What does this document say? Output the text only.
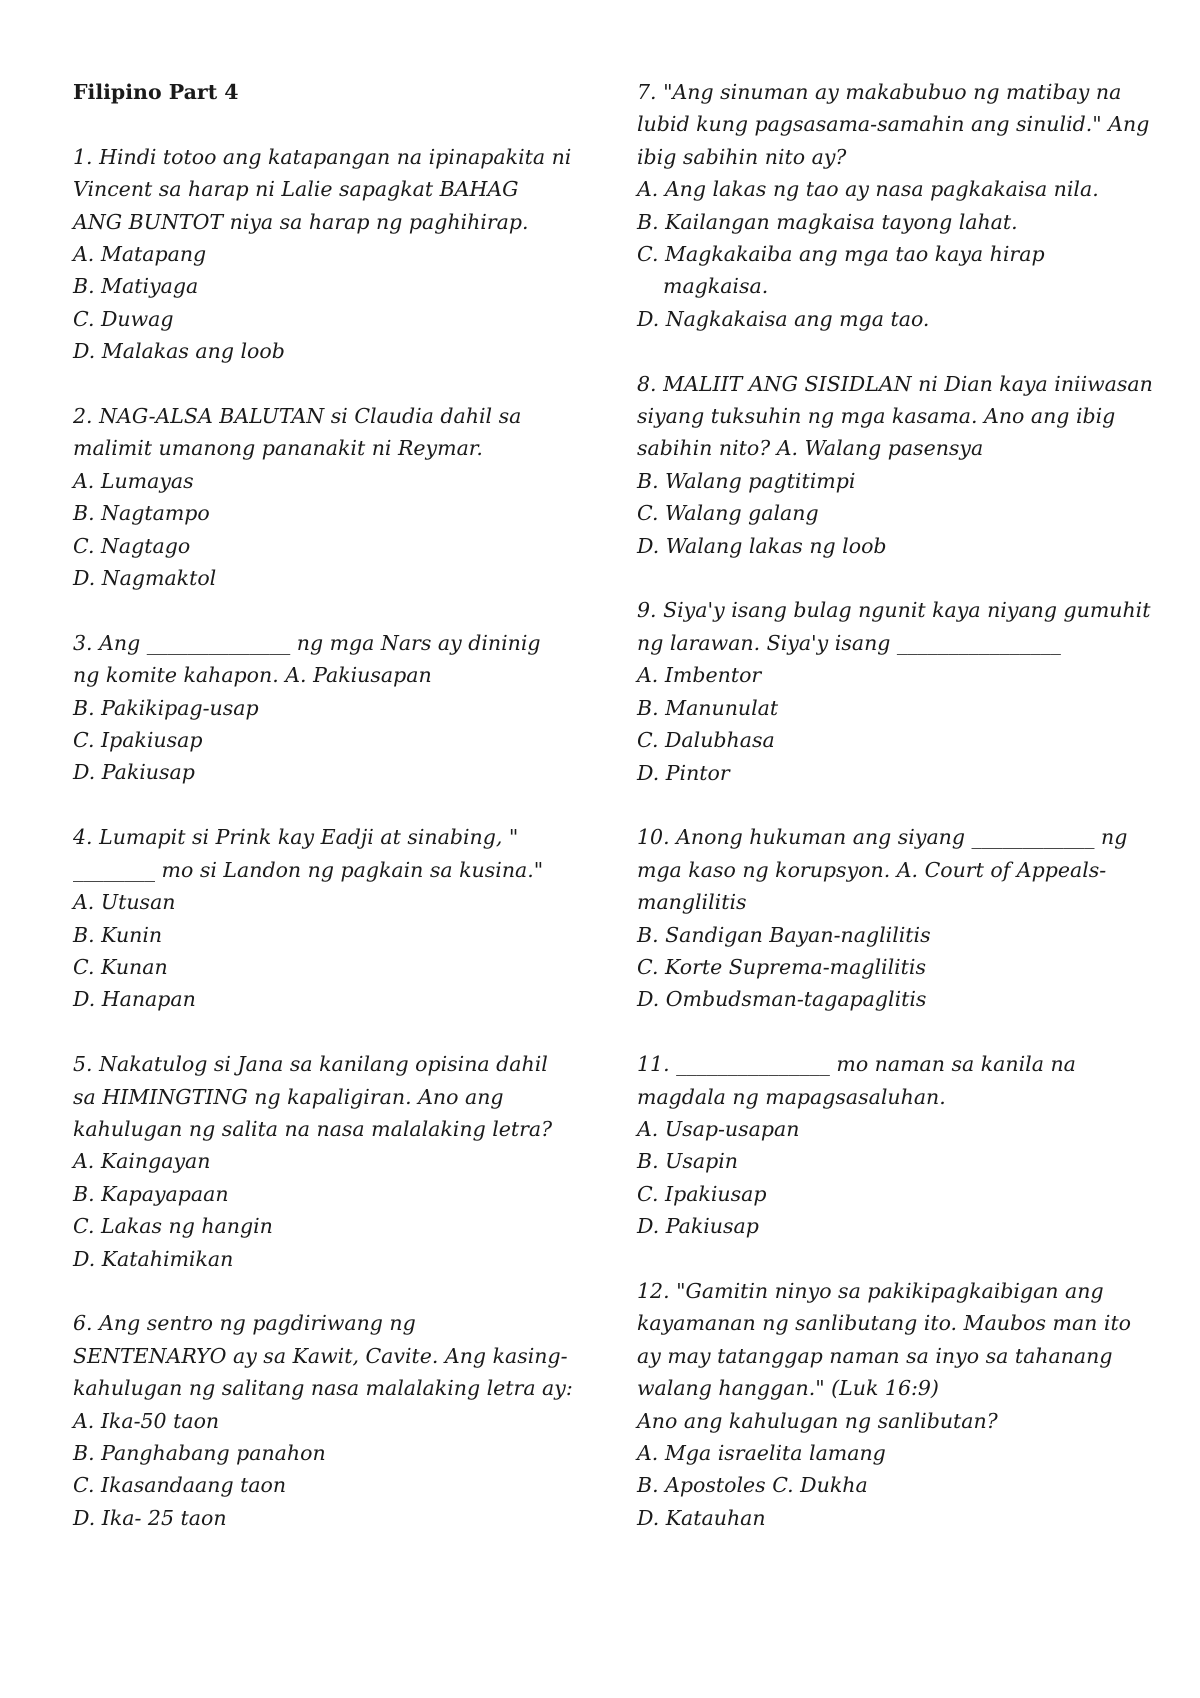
Filipino Part 4
1. Hindi totoo ang katapangan na ipinapakita ni Vincent sa harap ni Lalie sapagkat BAHAG ANG BUNTOT niya sa harap ng paghihirap.
A. Matapang
B. Matiyaga
C. Duwag
D. Malakas ang loob
2. NAG-ALSA BALUTAN si Claudia dahil sa malimit umanong pananakit ni Reymar.
A. Lumayas
B. Nagtampo
C. Nagtago
D. Nagmaktol
3. Ang ______________ ng mga Nars ay dininig ng komite kahapon. A. Pakiusapan
B. Pakikipag-usap
C. Ipakiusap
D. Pakiusap
4. Lumapit si Prink kay Eadji at sinabing, " ________ mo si Landon ng pagkain sa kusina."
A. Utusan
B. Kunin
C. Kunan
D. Hanapan
5. Nakatulog si Jana sa kanilang opisina dahil sa HIMINGTING ng kapaligiran. Ano ang kahulugan ng salita na nasa malalaking letra?
A. Kaingayan
B. Kapayapaan
C. Lakas ng hangin
D. Katahimikan
6. Ang sentro ng pagdiriwang ng SENTENARYO ay sa Kawit, Cavite. Ang kasing-kahulugan ng salitang nasa malalaking letra ay:
A. Ika-50 taon
B. Panghabang panahon
C. Ikasandaang taon
D. Ika- 25 taon
7. "Ang sinuman ay makabubuo ng matibay na lubid kung pagsasama-samahin ang sinulid." Ang ibig sabihin nito ay?
A. Ang lakas ng tao ay nasa pagkakaisa nila.
B. Kailangan magkaisa tayong lahat.
C. Magkakaiba ang mga tao kaya hirap
magkaisa.
D. Nagkakaisa ang mga tao.
8. MALIIT ANG SISIDLAN ni Dian kaya iniiwasan siyang tuksuhin ng mga kasama. Ano ang ibig sabihin nito? A. Walang pasensya
B. Walang pagtitimpi
C. Walang galang
D. Walang lakas ng loob
9. Siya'y isang bulag ngunit kaya niyang gumuhit ng larawan. Siya'y isang ________________
A. Imbentor
B. Manunulat
C. Dalubhasa
D. Pintor
10. Anong hukuman ang siyang ____________ ng mga kaso ng korupsyon. A. Court of Appeals-manglilitis
B. Sandigan Bayan-naglilitis
C. Korte Suprema-maglilitis
D. Ombudsman-tagapaglitis
11. _______________ mo naman sa kanila na magdala ng mapagsasaluhan.
A. Usap-usapan
B. Usapin
C. Ipakiusap
D. Pakiusap
12. "Gamitin ninyo sa pakikipagkaibigan ang kayamanan ng sanlibutang ito. Maubos man ito ay may tatanggap naman sa inyo sa tahanang walang hanggan." (Luk 16:9)
Ano ang kahulugan ng sanlibutan?
A. Mga israelita lamang
B. Apostoles C. Dukha
D. Katauhan
